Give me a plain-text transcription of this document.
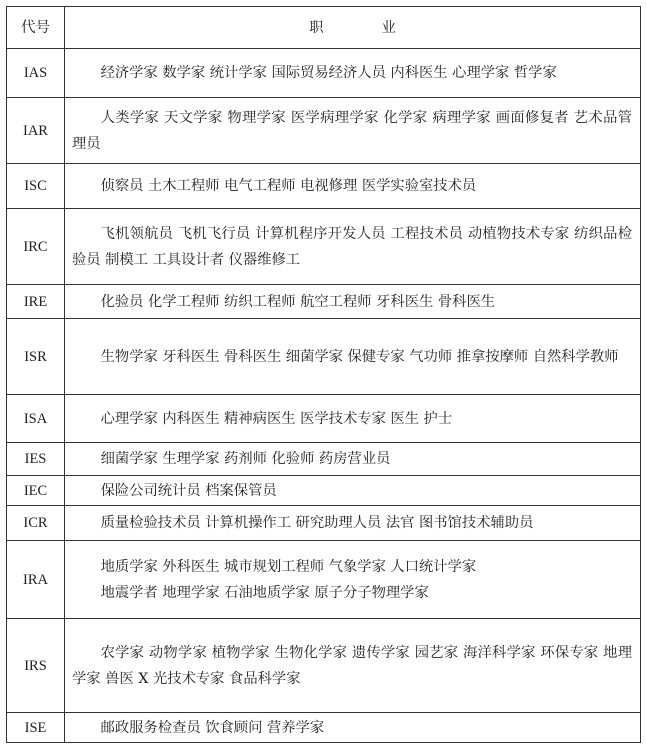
代号	职 业
IAS	经济学家 数学家 统计学家 国际贸易经济人员 内科医生 心理学家 哲学家

IAR	人类学家 天文学家 物理学家 医学病理学家 化学家 病理学家 画面修复者 艺术品管理员

ISC	侦察员 土木工程师 电气工程师 电视修理 医学实验室技术员

IRC	飞机领航员 飞机飞行员 计算机程序开发人员 工程技术员 动植物技术专家 纺织品检验员 制模工 工具设计者 仪器维修工

IRE	化验员 化学工程师 纺织工程师 航空工程师 牙科医生 骨科医生

ISR	生物学家 牙科医生 骨科医生 细菌学家 保健专家 气功师 推拿按摩师 自然科学教师

ISA	心理学家 内科医生 精神病医生 医学技术专家 医生 护士

IES	细菌学家 生理学家 药剂师 化验师 药房营业员

IEC	保险公司统计员 档案保管员

ICR	质量检验技术员 计算机操作工 研究助理人员 法官 图书馆技术辅助员

IRA	地质学家 外科医生 城市规划工程师 气象学家 人口统计学家
地震学者 地理学家 石油地质学家 原子分子物理学家

IRS	农学家 动物学家 植物学家 生物化学家 遗传学家 园艺家 海洋科学家 环保专家 地理学家 兽医 X 光技术专家 食品科学家

ISE	邮政服务检查员 饮食顾问 营养学家
